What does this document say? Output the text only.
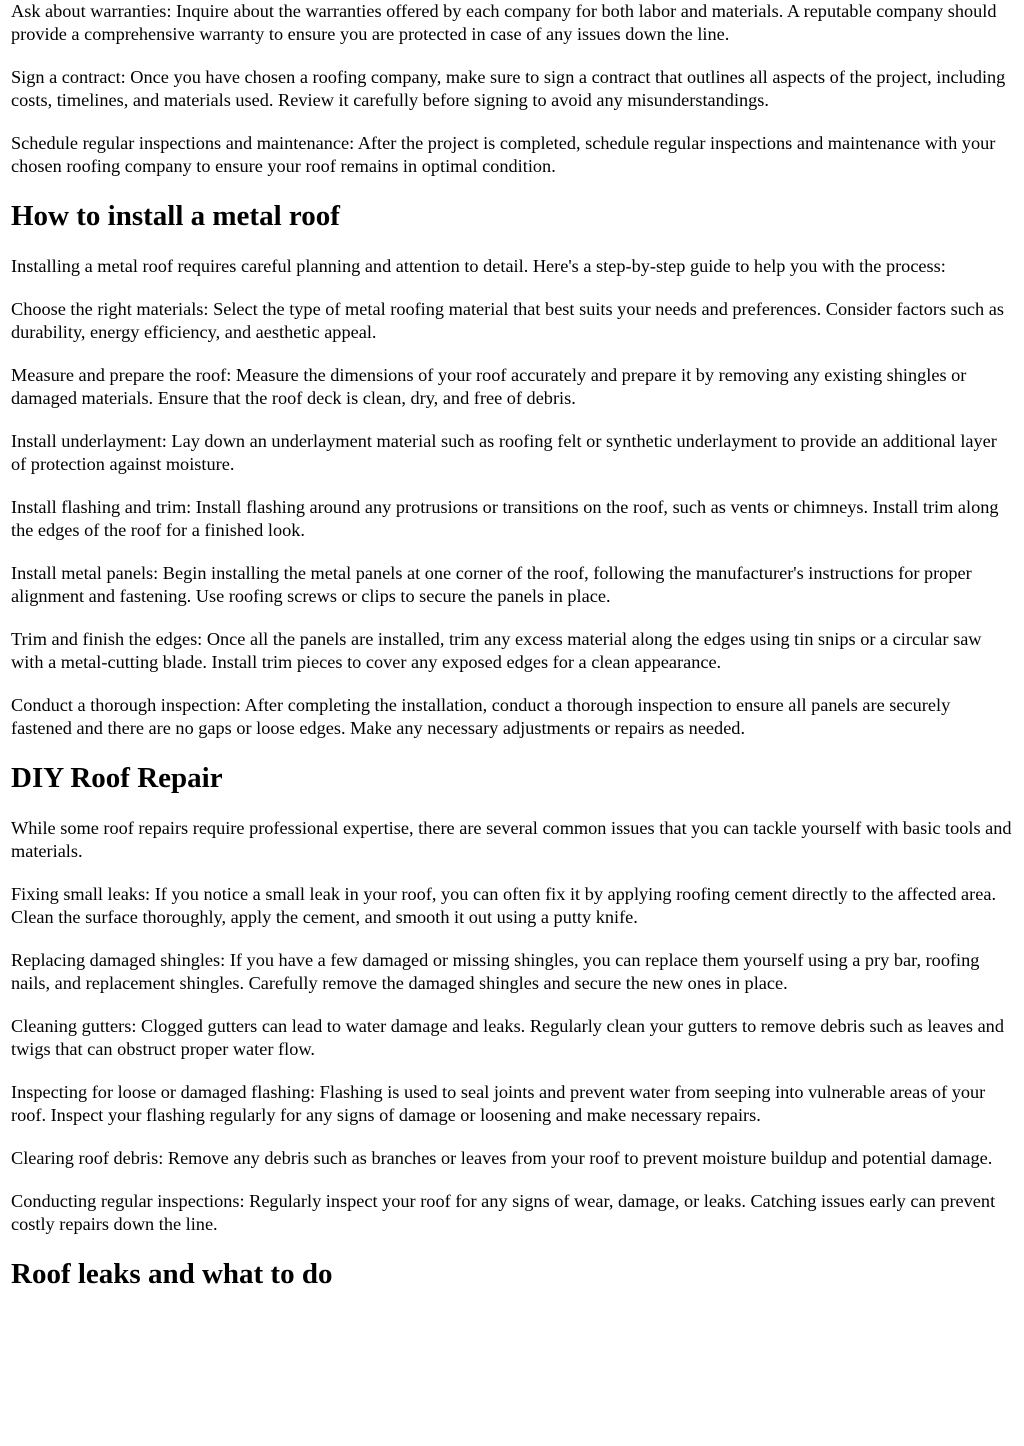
Ask about warranties: Inquire about the warranties offered by each company for both labor and materials. A reputable company should provide a comprehensive warranty to ensure you are protected in case of any issues down the line.

Sign a contract: Once you have chosen a roofing company, make sure to sign a contract that outlines all aspects of the project, including costs, timelines, and materials used. Review it carefully before signing to avoid any misunderstandings.

Schedule regular inspections and maintenance: After the project is completed, schedule regular inspections and maintenance with your chosen roofing company to ensure your roof remains in optimal condition.

How to install a metal roof

Installing a metal roof requires careful planning and attention to detail. Here's a step-by-step guide to help you with the process:

Choose the right materials: Select the type of metal roofing material that best suits your needs and preferences. Consider factors such as durability, energy efficiency, and aesthetic appeal.

Measure and prepare the roof: Measure the dimensions of your roof accurately and prepare it by removing any existing shingles or damaged materials. Ensure that the roof deck is clean, dry, and free of debris.

Install underlayment: Lay down an underlayment material such as roofing felt or synthetic underlayment to provide an additional layer of protection against moisture.

Install flashing and trim: Install flashing around any protrusions or transitions on the roof, such as vents or chimneys. Install trim along the edges of the roof for a finished look.

Install metal panels: Begin installing the metal panels at one corner of the roof, following the manufacturer's instructions for proper alignment and fastening. Use roofing screws or clips to secure the panels in place.

Trim and finish the edges: Once all the panels are installed, trim any excess material along the edges using tin snips or a circular saw with a metal-cutting blade. Install trim pieces to cover any exposed edges for a clean appearance.

Conduct a thorough inspection: After completing the installation, conduct a thorough inspection to ensure all panels are securely fastened and there are no gaps or loose edges. Make any necessary adjustments or repairs as needed.

DIY Roof Repair

While some roof repairs require professional expertise, there are several common issues that you can tackle yourself with basic tools and materials.

Fixing small leaks: If you notice a small leak in your roof, you can often fix it by applying roofing cement directly to the affected area. Clean the surface thoroughly, apply the cement, and smooth it out using a putty knife.

Replacing damaged shingles: If you have a few damaged or missing shingles, you can replace them yourself using a pry bar, roofing nails, and replacement shingles. Carefully remove the damaged shingles and secure the new ones in place.

Cleaning gutters: Clogged gutters can lead to water damage and leaks. Regularly clean your gutters to remove debris such as leaves and twigs that can obstruct proper water flow.

Inspecting for loose or damaged flashing: Flashing is used to seal joints and prevent water from seeping into vulnerable areas of your roof. Inspect your flashing regularly for any signs of damage or loosening and make necessary repairs.

Clearing roof debris: Remove any debris such as branches or leaves from your roof to prevent moisture buildup and potential damage.

Conducting regular inspections: Regularly inspect your roof for any signs of wear, damage, or leaks. Catching issues early can prevent costly repairs down the line.

Roof leaks and what to do
